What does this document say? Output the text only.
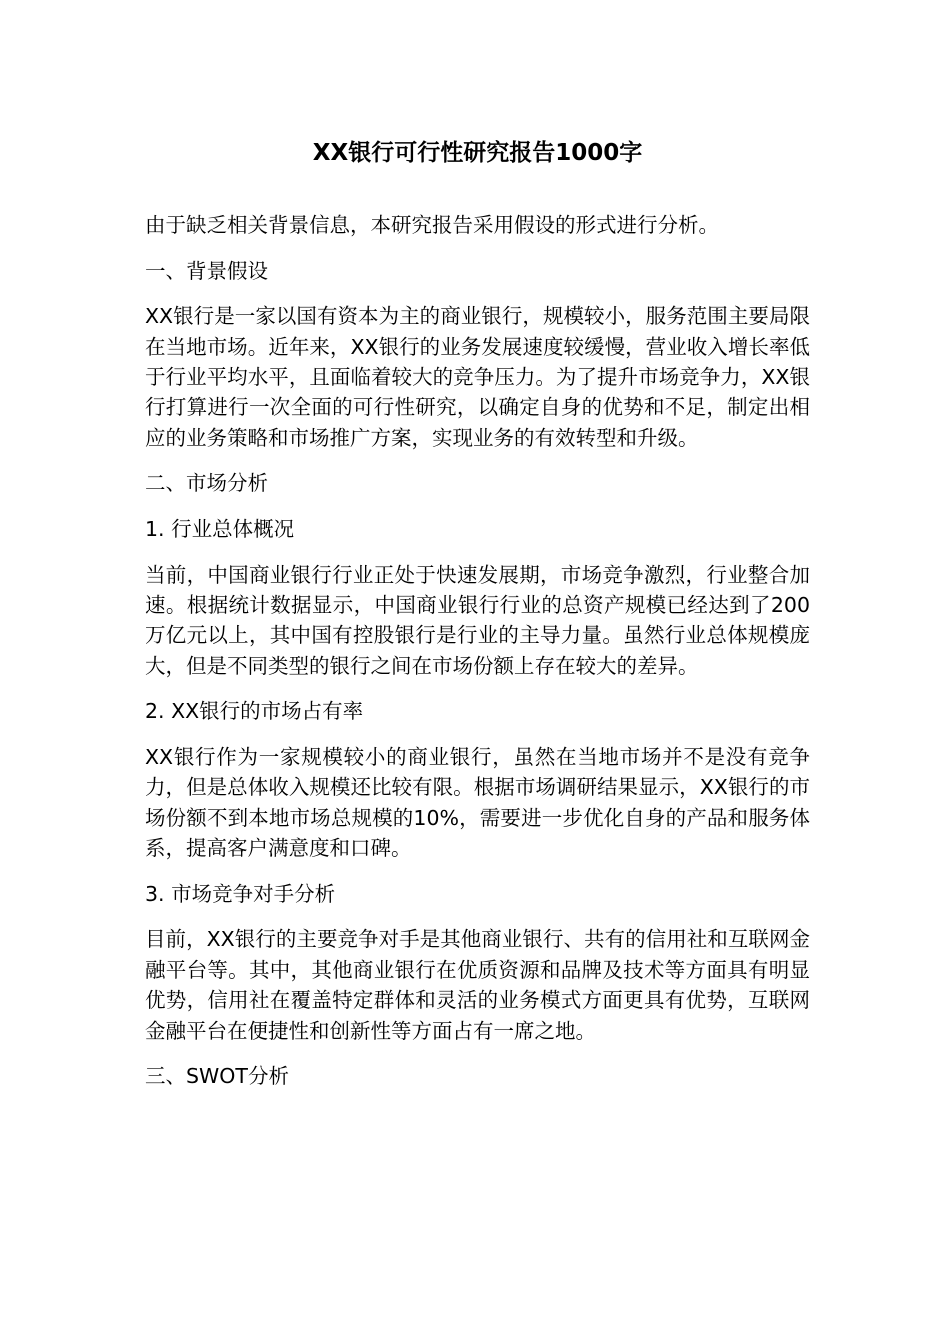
XX银行可行性研究报告1000字

由于缺乏相关背景信息，本研究报告采用假设的形式进行分析。

一、背景假设

XX银行是一家以国有资本为主的商业银行，规模较小，服务范围主要局限在当地市场。近年来，XX银行的业务发展速度较缓慢，营业收入增长率低于行业平均水平，且面临着较大的竞争压力。为了提升市场竞争力，XX银行打算进行一次全面的可行性研究，以确定自身的优势和不足，制定出相应的业务策略和市场推广方案，实现业务的有效转型和升级。

二、市场分析

1. 行业总体概况

当前，中国商业银行行业正处于快速发展期，市场竞争激烈，行业整合加速。根据统计数据显示，中国商业银行行业的总资产规模已经达到了200万亿元以上，其中国有控股银行是行业的主导力量。虽然行业总体规模庞大，但是不同类型的银行之间在市场份额上存在较大的差异。

2. XX银行的市场占有率

XX银行作为一家规模较小的商业银行，虽然在当地市场并不是没有竞争力，但是总体收入规模还比较有限。根据市场调研结果显示，XX银行的市场份额不到本地市场总规模的10%，需要进一步优化自身的产品和服务体系，提高客户满意度和口碑。

3. 市场竞争对手分析

目前，XX银行的主要竞争对手是其他商业银行、共有的信用社和互联网金融平台等。其中，其他商业银行在优质资源和品牌及技术等方面具有明显优势，信用社在覆盖特定群体和灵活的业务模式方面更具有优势，互联网金融平台在便捷性和创新性等方面占有一席之地。

三、SWOT分析
